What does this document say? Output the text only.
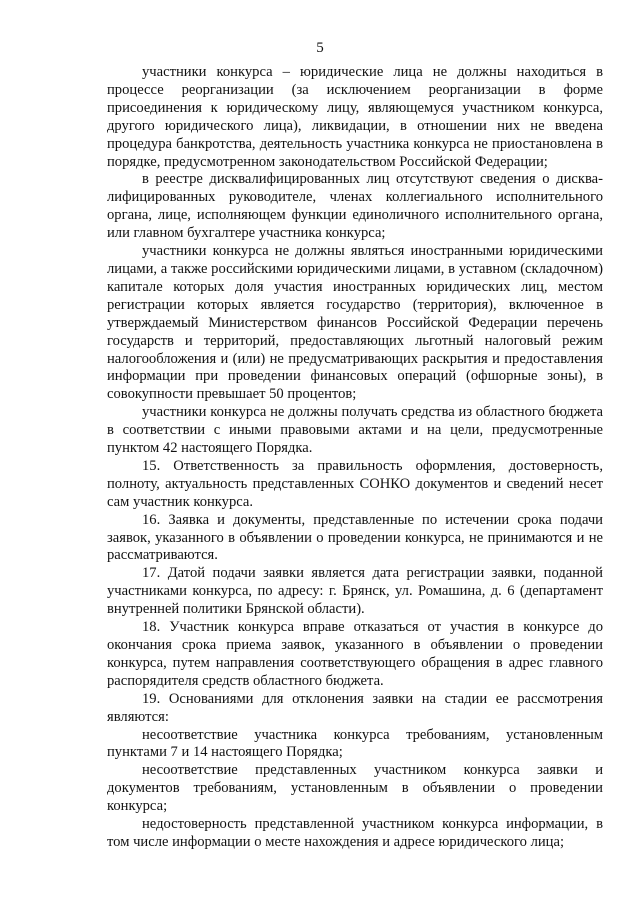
5

участники конкурса – юридические лица не должны находиться в процессе реорганизации (за исключением реорганизации в форме присоединения к юридическому лицу, являющемуся участником конкурса, другого юридического лица), ликвидации, в отношении них не введена процедура банкротства, деятельность участника конкурса не приостановлена в порядке, предусмотренном законодательством Российской Федерации;

в реестре дисквалифицированных лиц отсутствуют сведения о дисквалифицированных руководителе, членах коллегиального исполнительного органа, лице, исполняющем функции единоличного исполнительного органа, или главном бухгалтере участника конкурса;

участники конкурса не должны являться иностранными юридическими лицами, а также российскими юридическими лицами, в уставном (складочном) капитале которых доля участия иностранных юридических лиц, местом регистрации которых является государство (территория), включенное в утверждаемый Министерством финансов Российской Федерации перечень государств и территорий, предоставляющих льготный налоговый режим налогообложения и (или) не предусматривающих раскрытия и предоставления информации при проведении финансовых операций (офшорные зоны), в совокупности превышает 50 процентов;

участники конкурса не должны получать средства из областного бюджета в соответствии с иными правовыми актами и на цели, предусмотренные пунктом 42 настоящего Порядка.

15. Ответственность за правильность оформления, достоверность, полноту, актуальность представленных СОНКО документов и сведений несет сам участник конкурса.

16. Заявка и документы, представленные по истечении срока подачи заявок, указанного в объявлении о проведении конкурса, не принимаются и не рассматриваются.

17. Датой подачи заявки является дата регистрации заявки, поданной участниками конкурса, по адресу: г. Брянск, ул. Ромашина, д. 6 (департамент внутренней политики Брянской области).

18. Участник конкурса вправе отказаться от участия в конкурсе до окончания срока приема заявок, указанного в объявлении о проведении конкурса, путем направления соответствующего обращения в адрес главного распорядителя средств областного бюджета.

19. Основаниями для отклонения заявки на стадии ее рассмотрения являются:

несоответствие участника конкурса требованиям, установленным пунктами 7 и 14 настоящего Порядка;

несоответствие представленных участником конкурса заявки и документов требованиям, установленным в объявлении о проведении конкурса;

недостоверность представленной участником конкурса информации, в том числе информации о месте нахождения и адресе юридического лица;
